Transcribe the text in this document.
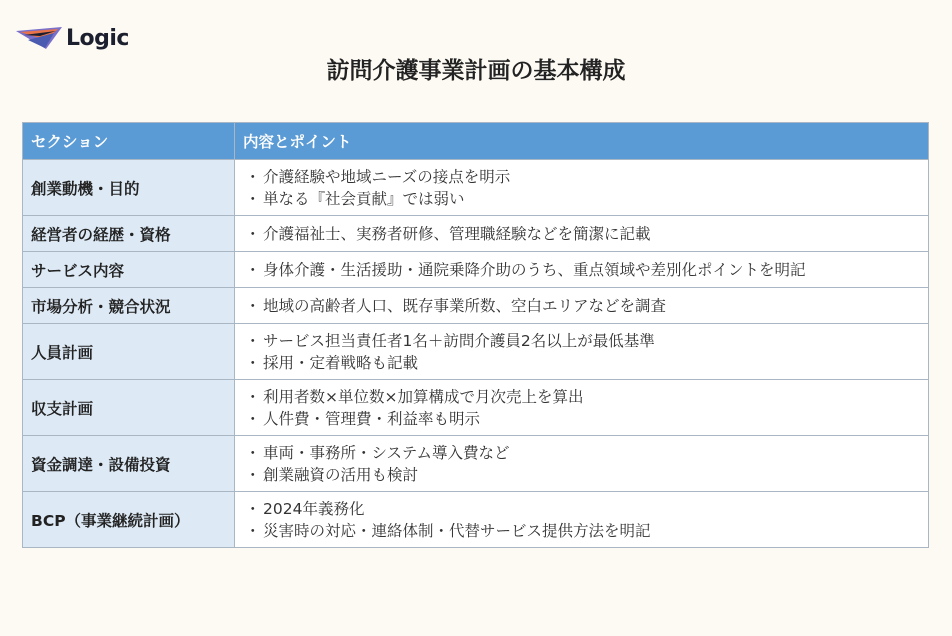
Logic
訪問介護事業計画の基本構成
セクション	内容とポイント
創業動機・目的	・ 介護経験や地域ニーズの接点を明示
・ 単なる『社会貢献』では弱い

経営者の経歴・資格	・ 介護福祉士、実務者研修、管理職経験などを簡潔に記載

サービス内容	・ 身体介護・生活援助・通院乗降介助のうち、重点領域や差別化ポイントを明記

市場分析・競合状況	・ 地域の高齢者人口、既存事業所数、空白エリアなどを調査

人員計画	・ サービス担当責任者1名＋訪問介護員2名以上が最低基準
・ 採用・定着戦略も記載

収支計画	・ 利用者数×単位数×加算構成で月次売上を算出
・ 人件費・管理費・利益率も明示

資金調達・設備投資	・ 車両・事務所・システム導入費など
・ 創業融資の活用も検討

BCP（事業継続計画）	・ 2024年義務化
・ 災害時の対応・連絡体制・代替サービス提供方法を明記
